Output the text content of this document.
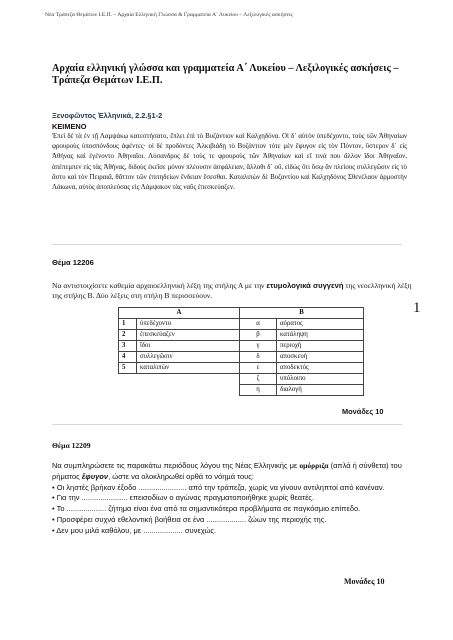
Νέα Τράπεζα Θεμάτων Ι.Ε.Π. – Αρχαία Ελληνική Γλώσσα & Γραμματεία Α΄ Λυκείου – Λεξιλογικές ασκήσεις
Αρχαία ελληνική γλώσσα και γραμματεία Α΄ Λυκείου – Λεξιλογικές ασκήσεις – Τράπεζα Θεμάτων Ι.Ε.Π.
Ξενοφῶντος Ἑλληνικά, 2.2.§1-2
ΚΕΙΜΕΝΟ

Ἐπεὶ δὲ τὰ ἐν τῇ Λαμψάκῳ κατεστήσατο, ἔπλει ἐπὶ τὸ Βυζάντιον καὶ Καλχηδόνα. Οἱ δ᾽ αὐτὸν ὑπεδέχοντο, τοὺς τῶν Ἀθηναίων φρουροὺς ὑποσπόνδους ἀφέντες· οἱ δὲ προδόντες Ἀλκιβιάδῃ τὸ Βυζάντιον τότε μὲν ἔφυγον εἰς τὸν Πόντον, ὕστερον δ᾽ εἰς Ἀθήνας καὶ ἐγένοντο Ἀθηναῖοι. Λύσανδρος δὲ τοὺς τε φρουροὺς τῶν Ἀθηναίων καὶ εἴ τινά που ἄλλον ἴδοι Ἀθηναῖον, ἀπέπεμπεν εἰς τὰς Ἀθήνας, διδοὺς ἐκεῖσε μόνον πλέουσιν ἀσφάλειαν, ἄλλοθι δ᾽ οὔ, εἰδὼς ὅτι ὅσῳ ἂν πλείους συλλεγῶσιν εἰς τὸ ἄστυ καὶ τὸν Πειραιᾶ, θᾶττον τῶν ἐπιτηδείων ἔνδειαν ἔσεσθαι. Καταλιπὼν δὲ Βυζαντίου καὶ Καλχηδόνος Σθενέλαον ἁρμοστὴν Λάκωνα, αὐτὸς ἀποπλεύσας εἰς Λάμψακον τὰς ναῦς ἐπεσκεύαζεν.

Θέμα 12206
Να αντιστοιχίσετε καθεμία αρχαιοελληνική λέξη της στήλης Α με την ετυμολογικά συγγενή της νεοελληνική λέξη της στήλης Β. Δύο λέξεις στη στήλη Β περισσεύουν.
1
Α		Β	
1	ὑπεδέχοντο	α	αόρατος
2	ἐπεσκεύαζεν	β	κατάληψη
3	ἴδοι	γ	περιοχή
4	συλλεγῶσιν	δ	αποσκευή
5	καταλιπὼν	ε	αποδεκτός
		ζ	υπόλοιπο
		η	διαλογή
Μονάδες 10
Θέμα 12209

Να συμπληρώσετε τις παρακάτω περιόδους λόγου της Νέας Ελληνικής με ομόρριζα (απλά ή σύνθετα) του ρήματος ἔφυγον, ώστε να ολοκληρωθεί ορθά το νόημά τους:

• Οι ληστές βρήκαν έξοδο ....................... από την τράπεζα, χωρίς να γίνουν αντιληπτοί από κανέναν.

• Για την ...................... επεισοδίων ο αγώνας πραγματοποιήθηκε χωρίς θεατές.

• Το ................... ζήτημα είναι ένα από τα σημαντικότερα προβλήματα σε παγκόσμιο επίπεδο.

• Προσφέρει συχνά εθελοντική βοήθεια σε ένα ................... ζώων της περιοχής της.

• Δεν μου μιλά καθόλου, με ................... συνεχώς.

Μονάδες 10
